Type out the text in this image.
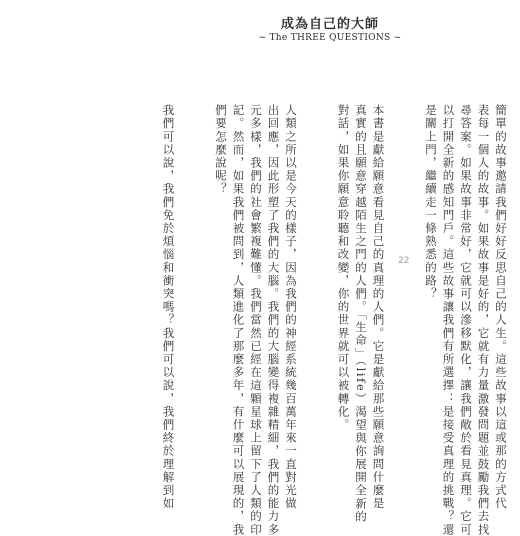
成為自己的大師
~ The THREE QUESTIONS ~
22

	簡單的故事邀請我們好好反思自己的人生。這些故事以這或那的方式代
表每一個人的故事。如果故事是好的，它就有力量激發問題並鼓勵我們去找
尋答案。如果故事非常好，它就可以滲移默化，讓我們敞於看見真理。它可
以打開全新的感知門戶。這些故事讓我們有所選擇：是接受真理的挑戰？還
是關上門，繼續走一條熟悉的路？

本書是獻給願意看見自己的真理的人們。它是獻給那些願意詢問什麼是
真實的且願意穿越陌生之門的人們。「生命」（life）渴望與你展開全新的
對話，如果你願意聆聽和改變，你的世界就可以被轉化。

人類之所以是今天的樣子，因為我們的神經系統幾百萬年來一直對光做
出回應，因此形塑了我們的大腦。我們的大腦變得複雜精細，我們的能力多
元多樣，我們的社會繁複難懂。我們當然已經在這顆星球上留下了人類的印
記。然而，如果我們被問到，人類進化了那麼多年，有什麼可以展現的，我
們要怎麼說呢？

我們可以說，我們免於煩惱和衝突嗎？我們可以說，我們終於理解到如
